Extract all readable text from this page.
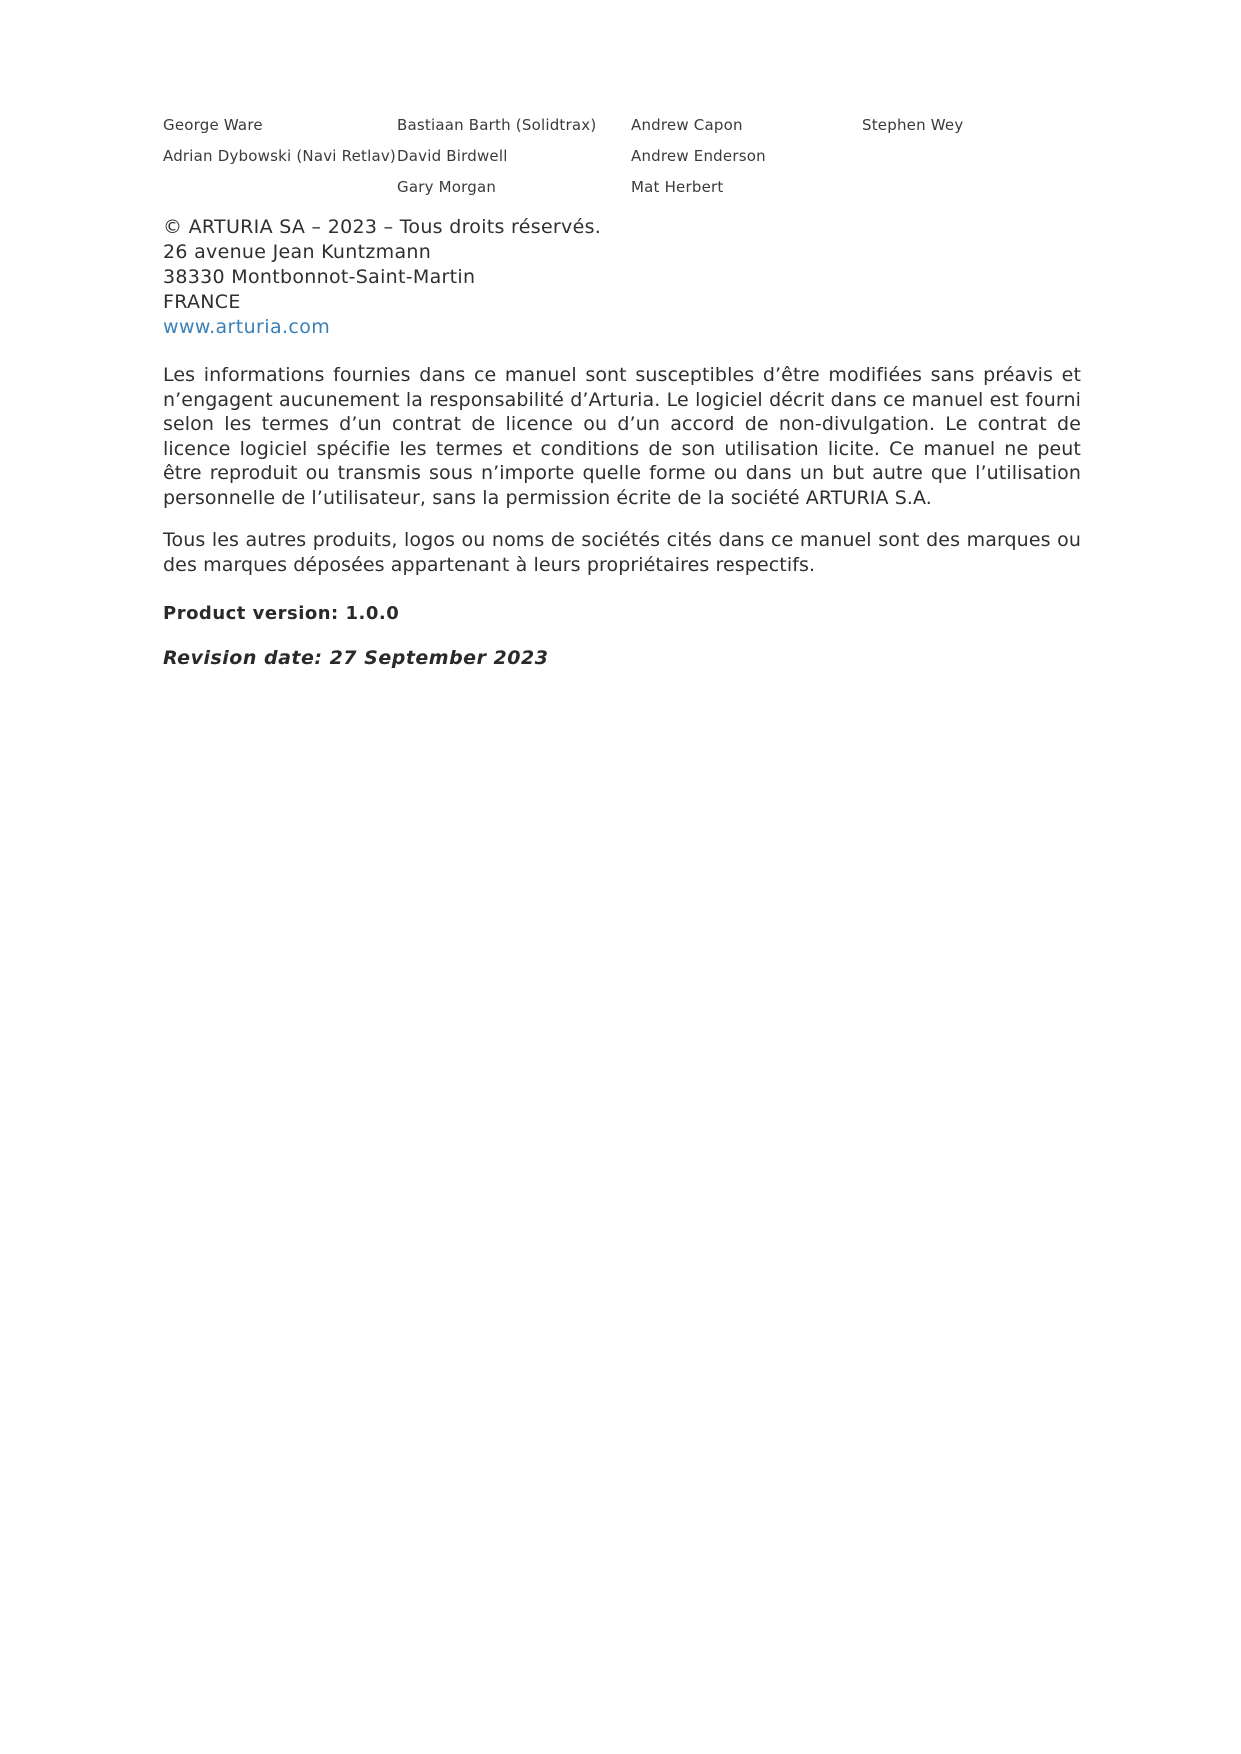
George Ware
Adrian Dybowski (Navi Retlav)
Bastiaan Barth (Solidtrax)
David Birdwell
Gary Morgan
Andrew Capon
Andrew Enderson
Mat Herbert
Stephen Wey
© ARTURIA SA – 2023 – Tous droits réservés.
26 avenue Jean Kuntzmann
38330 Montbonnot-Saint-Martin
FRANCE
www.arturia.com

Les informations fournies dans ce manuel sont susceptibles d’être modifiées sans préavis et n’engagent aucunement la responsabilité d’Arturia. Le logiciel décrit dans ce manuel est fourni selon les termes d’un contrat de licence ou d’un accord de non-divulgation. Le contrat de licence logiciel spécifie les termes et conditions de son utilisation licite. Ce manuel ne peut être reproduit ou transmis sous n’importe quelle forme ou dans un but autre que l’utilisation personnelle de l’utilisateur, sans la permission écrite de la société ARTURIA S.A.

Tous les autres produits, logos ou noms de sociétés cités dans ce manuel sont des marques ou des marques déposées appartenant à leurs propriétaires respectifs.

Product version: 1.0.0
Revision date: 27 September 2023
